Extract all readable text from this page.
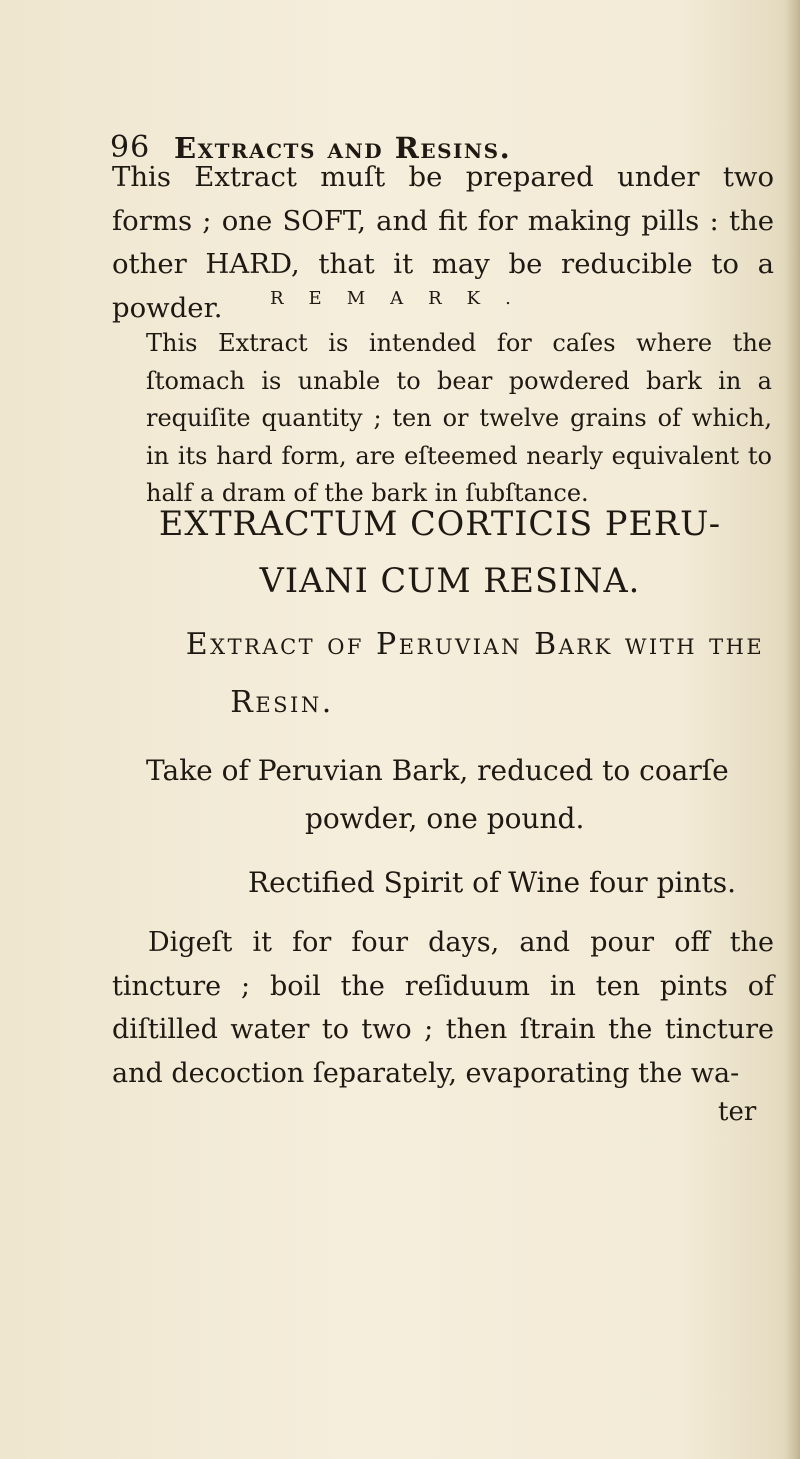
96 Extracts and Resins.
This Extraсt muſt be prepared under two forms ; one SOFT, and fit for making pills : the other HARD, that it may be reducible to a powder.	REMARK.
This Extract is intended for caſes where the ſtomach is unable to bear powdered bark in a requiſite quantity ; ten or twelve grains of which, in its hard form, are eſteemed nearly equivalent to half a dram of the bark in ſubſtance.
EXTRACTUM CORTICIS PERU-
VIANI CUM RESINA.
Extract of Peruvian Bark with the
Resin.
Take of Peruvian Bark, reduced to coarſe
powder, one pound.
Rectified Spirit of Wine four pints.
Digeſt it for four days, and pour off the tincture ; boil the reſiduum in ten pints of diſtilled water to two ; then ſtrain the tincture and decoction ſeparately, evaporating the wa-
ter
